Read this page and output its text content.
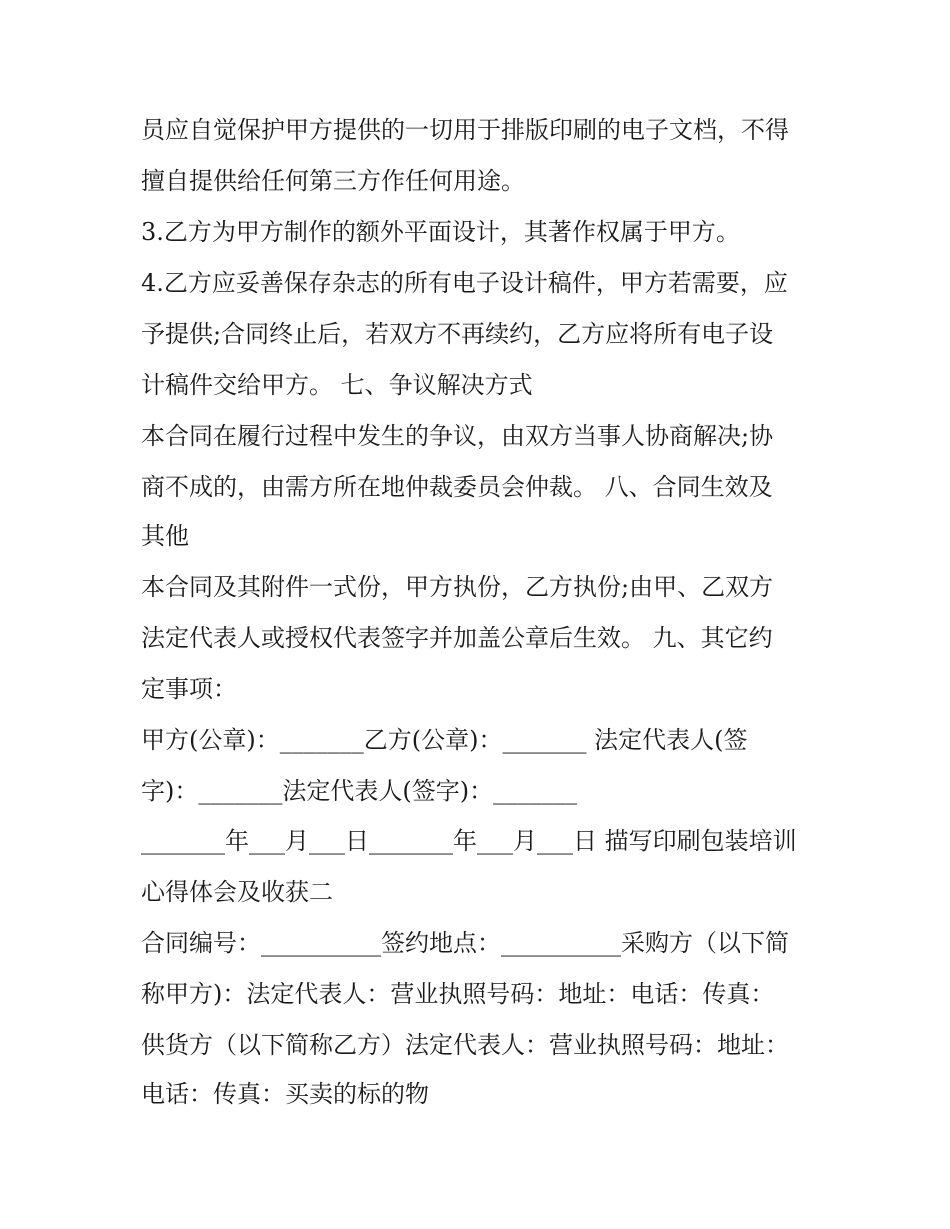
员应自觉保护甲方提供的一切用于排版印刷的电子文档，不得

擅自提供给任何第三方作任何用途。

3.乙方为甲方制作的额外平面设计，其著作权属于甲方。

4.乙方应妥善保存杂志的所有电子设计稿件，甲方若需要，应

予提供;合同终止后，若双方不再续约，乙方应将所有电子设

计稿件交给甲方。 七、争议解决方式

本合同在履行过程中发生的争议，由双方当事人协商解决;协

商不成的，由需方所在地仲裁委员会仲裁。 八、合同生效及

其他

本合同及其附件一式份，甲方执份，乙方执份;由甲、乙双方

法定代表人或授权代表签字并加盖公章后生效。 九、其它约

定事项：

甲方(公章)：_______乙方(公章)：_______ 法定代表人(签

字)：_______法定代表人(签字)：_______

_______年___月___日_______年___月___日 描写印刷包装培训

心得体会及收获二

合同编号：__________签约地点：__________采购方（以下简

称甲方)：法定代表人：营业执照号码：地址：电话：传真：

供货方（以下简称乙方）法定代表人：营业执照号码：地址：

电话：传真：买卖的标的物
